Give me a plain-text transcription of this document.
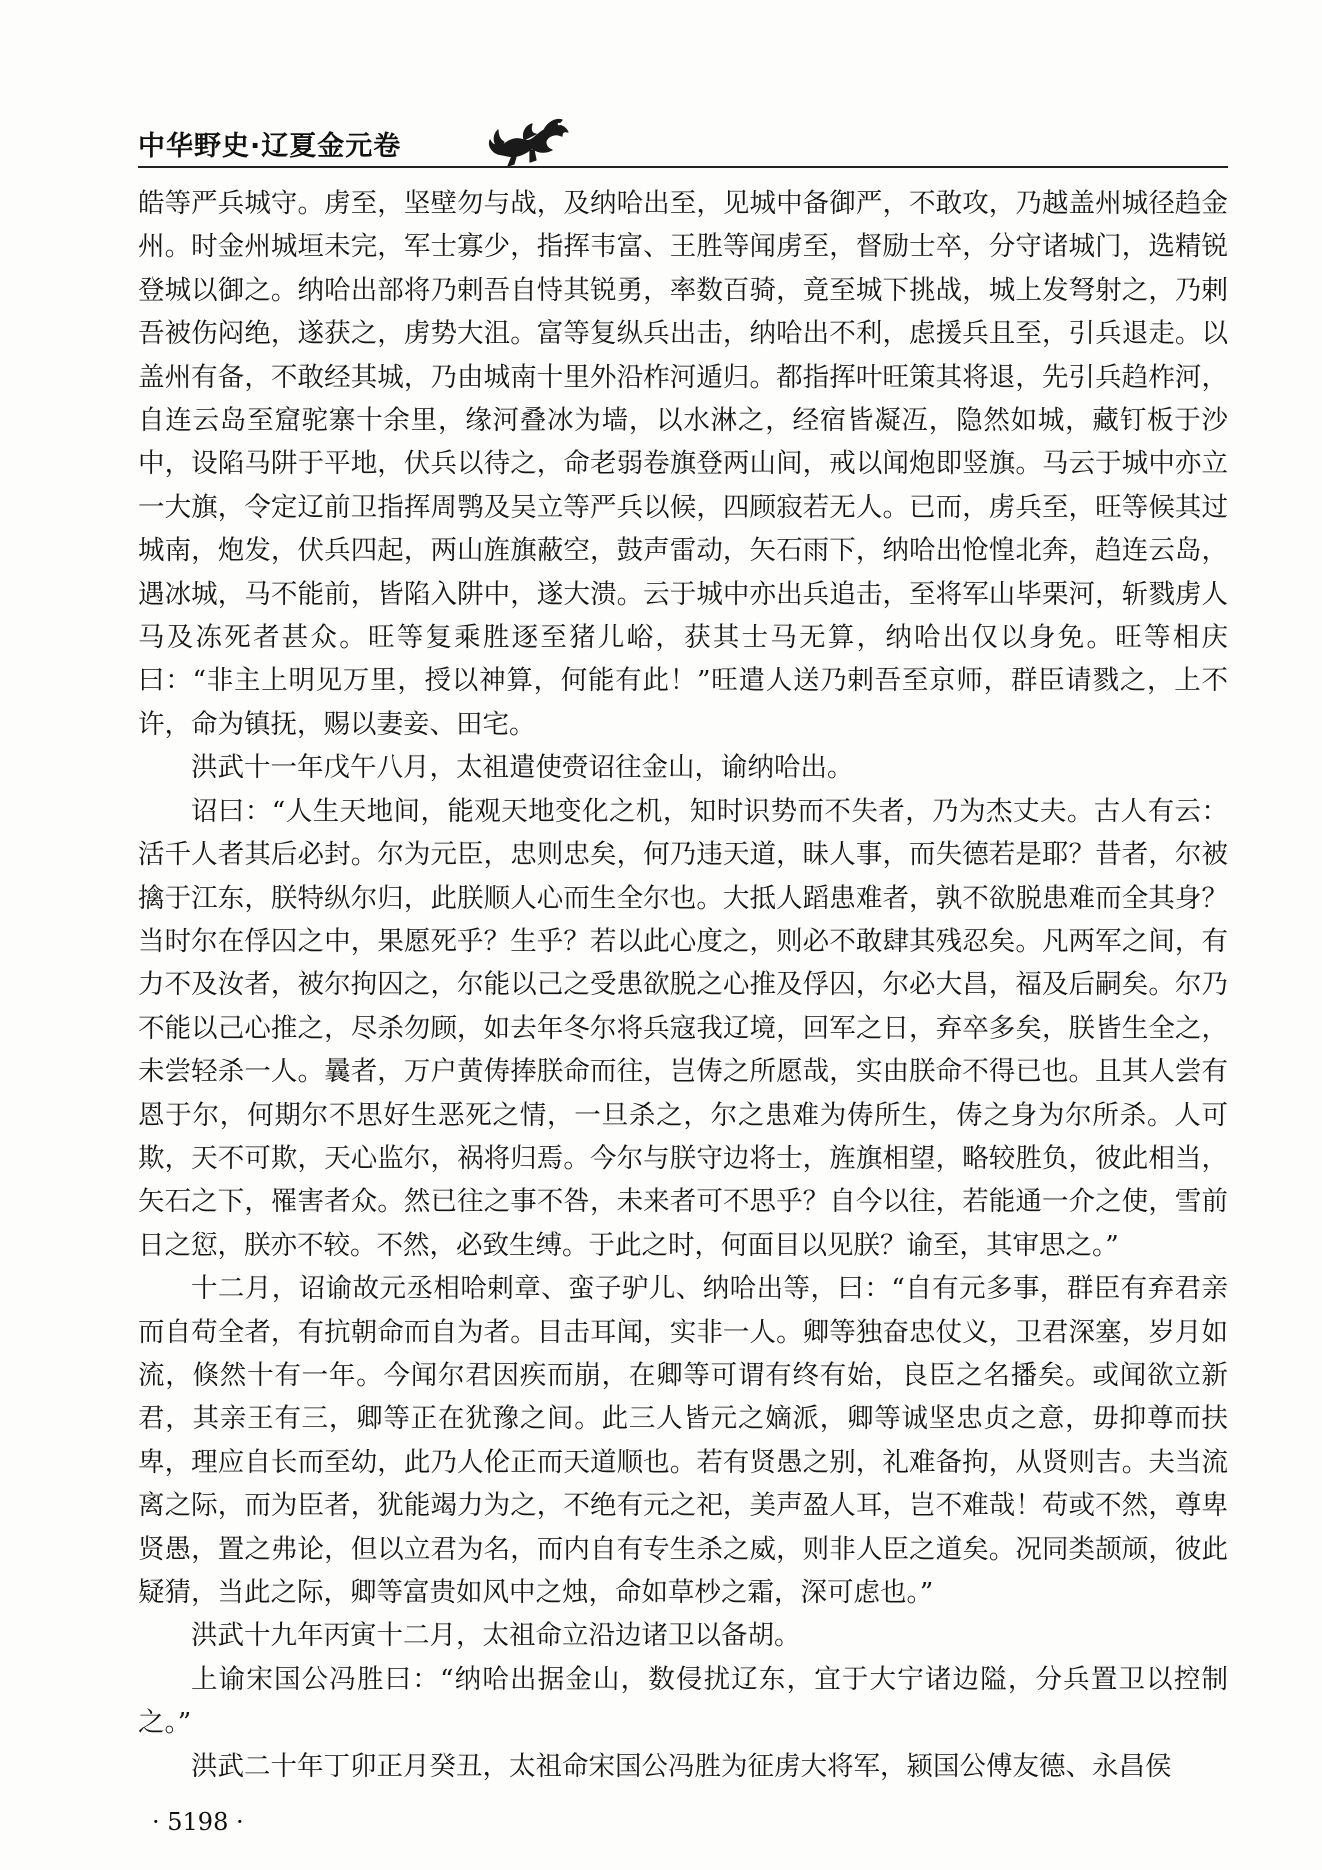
中华野史·辽夏金元卷

皓等严兵城守。虏至，坚壁勿与战，及纳哈出至，见城中备御严，不敢攻，乃越盖州城径趋金州。时金州城垣未完，军士寡少，指挥韦富、王胜等闻虏至，督励士卒，分守诸城门，选精锐登城以御之。纳哈出部将乃剌吾自恃其锐勇，率数百骑，竟至城下挑战，城上发弩射之，乃剌吾被伤闷绝，遂获之，虏势大沮。富等复纵兵出击，纳哈出不利，虑援兵且至，引兵退走。以盖州有备，不敢经其城，乃由城南十里外沿柞河遁归。都指挥叶旺策其将退，先引兵趋柞河，自连云岛至窟驼寨十余里，缘河叠冰为墙，以水淋之，经宿皆凝冱，隐然如城，藏钉板于沙中，设陷马阱于平地，伏兵以待之，命老弱卷旗登两山间，戒以闻炮即竖旗。马云于城中亦立一大旗，令定辽前卫指挥周鹗及吴立等严兵以候，四顾寂若无人。已而，虏兵至，旺等候其过城南，炮发，伏兵四起，两山旌旗蔽空，鼓声雷动，矢石雨下，纳哈出怆惶北奔，趋连云岛，遇冰城，马不能前，皆陷入阱中，遂大溃。云于城中亦出兵追击，至将军山毕栗河，斩戮虏人马及冻死者甚众。旺等复乘胜逐至猪儿峪，获其士马无算，纳哈出仅以身免。旺等相庆曰：“非主上明见万里，授以神算，何能有此！”旺遣人送乃剌吾至京师，群臣请戮之，上不许，命为镇抚，赐以妻妾、田宅。

洪武十一年戊午八月，太祖遣使赍诏往金山，谕纳哈出。

诏曰：“人生天地间，能观天地变化之机，知时识势而不失者，乃为杰丈夫。古人有云：活千人者其后必封。尔为元臣，忠则忠矣，何乃违天道，昧人事，而失德若是耶？昔者，尔被擒于江东，朕特纵尔归，此朕顺人心而生全尔也。大抵人蹈患难者，孰不欲脱患难而全其身？当时尔在俘囚之中，果愿死乎？生乎？若以此心度之，则必不敢肆其残忍矣。凡两军之间，有力不及汝者，被尔拘囚之，尔能以己之受患欲脱之心推及俘囚，尔必大昌，福及后嗣矣。尔乃不能以己心推之，尽杀勿顾，如去年冬尔将兵寇我辽境，回军之日，弃卒多矣，朕皆生全之，未尝轻杀一人。曩者，万户黄俦捧朕命而往，岂俦之所愿哉，实由朕命不得已也。且其人尝有恩于尔，何期尔不思好生恶死之情，一旦杀之，尔之患难为俦所生，俦之身为尔所杀。人可欺，天不可欺，天心监尔，祸将归焉。今尔与朕守边将士，旌旗相望，略较胜负，彼此相当，矢石之下，罹害者众。然已往之事不咎，未来者可不思乎？自今以往，若能通一介之使，雪前日之愆，朕亦不较。不然，必致生缚。于此之时，何面目以见朕？谕至，其审思之。”

十二月，诏谕故元丞相哈剌章、蛮子驴儿、纳哈出等，曰：“自有元多事，群臣有弃君亲而自苟全者，有抗朝命而自为者。目击耳闻，实非一人。卿等独奋忠仗义，卫君深塞，岁月如流，倏然十有一年。今闻尔君因疾而崩，在卿等可谓有终有始，良臣之名播矣。或闻欲立新君，其亲王有三，卿等正在犹豫之间。此三人皆元之嫡派，卿等诚坚忠贞之意，毋抑尊而扶卑，理应自长而至幼，此乃人伦正而天道顺也。若有贤愚之别，礼难备拘，从贤则吉。夫当流离之际，而为臣者，犹能竭力为之，不绝有元之祀，美声盈人耳，岂不难哉！苟或不然，尊卑贤愚，置之弗论，但以立君为名，而内自有专生杀之威，则非人臣之道矣。况同类颉颃，彼此疑猜，当此之际，卿等富贵如风中之烛，命如草杪之霜，深可虑也。”

洪武十九年丙寅十二月，太祖命立沿边诸卫以备胡。

上谕宋国公冯胜曰：“纳哈出据金山，数侵扰辽东，宜于大宁诸边隘，分兵置卫以控制之。”

洪武二十年丁卯正月癸丑，太祖命宋国公冯胜为征虏大将军，颍国公傅友德、永昌侯

· 5198 ·
